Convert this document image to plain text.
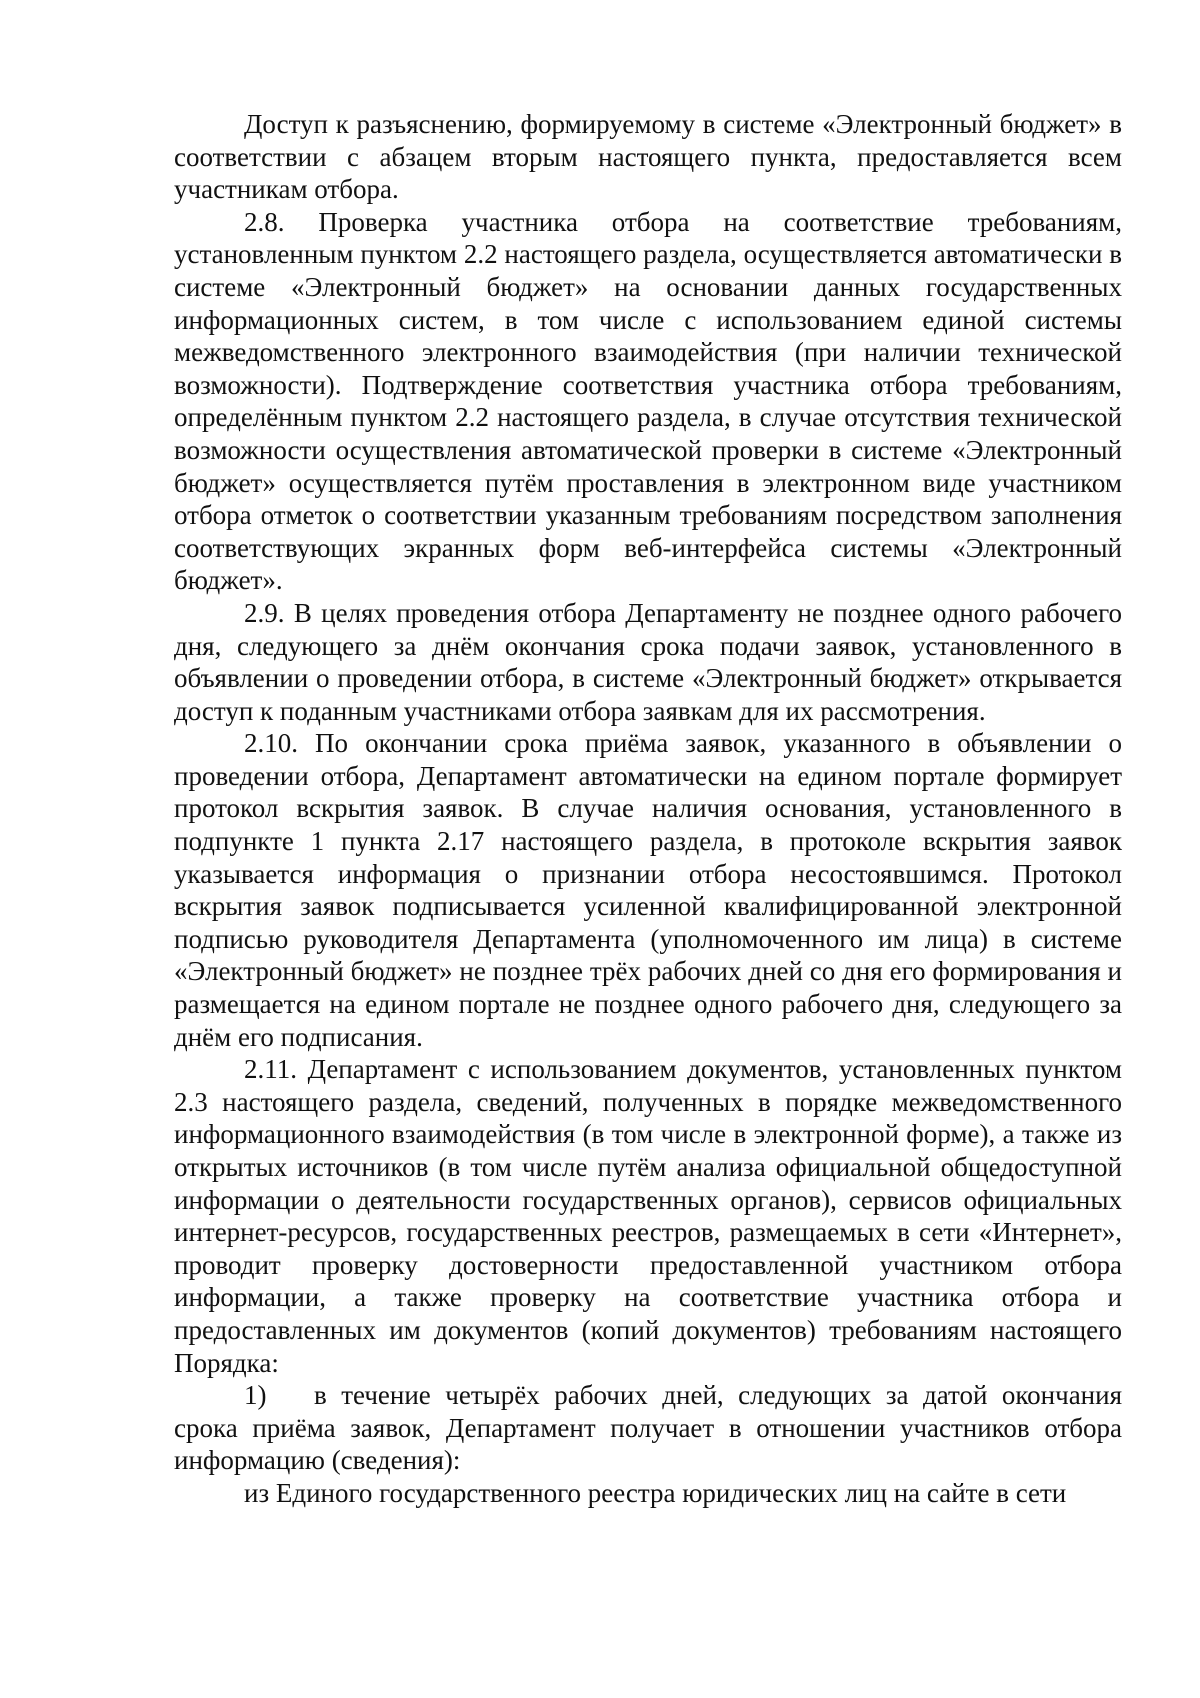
Доступ к разъяснению, формируемому в системе «Электронный бюджет» в соответствии с абзацем вторым настоящего пункта, предоставляется всем участникам отбора.

2.8. Проверка участника отбора на соответствие требованиям, установленным пунктом 2.2 настоящего раздела, осуществляется автоматически в системе «Электронный бюджет» на основании данных государственных информационных систем, в том числе с использованием единой системы межведомственного электронного взаимодействия (при наличии технической возможности). Подтверждение соответствия участника отбора требованиям, определённым пунктом 2.2 настоящего раздела, в случае отсутствия технической возможности осуществления автоматической проверки в системе «Электронный бюджет» осуществляется путём проставления в электронном виде участником отбора отметок о соответствии указанным требованиям посредством заполнения соответствующих экранных форм веб-интерфейса системы «Электронный бюджет».

2.9. В целях проведения отбора Департаменту не позднее одного рабочего дня, следующего за днём окончания срока подачи заявок, установленного в объявлении о проведении отбора, в системе «Электронный бюджет» открывается доступ к поданным участниками отбора заявкам для их рассмотрения.

2.10. По окончании срока приёма заявок, указанного в объявлении о проведении отбора, Департамент автоматически на едином портале формирует протокол вскрытия заявок. В случае наличия основания, установленного в подпункте 1 пункта 2.17 настоящего раздела, в протоколе вскрытия заявок указывается информация о признании отбора несостоявшимся. Протокол вскрытия заявок подписывается усиленной квалифицированной электронной подписью руководителя Департамента (уполномоченного им лица) в системе «Электронный бюджет» не позднее трёх рабочих дней со дня его формирования и размещается на едином портале не позднее одного рабочего дня, следующего за днём его подписания.

2.11. Департамент с использованием документов, установленных пунктом 2.3 настоящего раздела, сведений, полученных в порядке межведомственного информационного взаимодействия (в том числе в электронной форме), а также из открытых источников (в том числе путём анализа официальной общедоступной информации о деятельности государственных органов), сервисов официальных интернет-ресурсов, государственных реестров, размещаемых в сети «Интернет», проводит проверку достоверности предоставленной участником отбора информации, а также проверку на соответствие участника отбора и предоставленных им документов (копий документов) требованиям настоящего Порядка:

1) в течение четырёх рабочих дней, следующих за датой окончания срока приёма заявок, Департамент получает в отношении участников отбора информацию (сведения):

из Единого государственного реестра юридических лиц на сайте в сети
